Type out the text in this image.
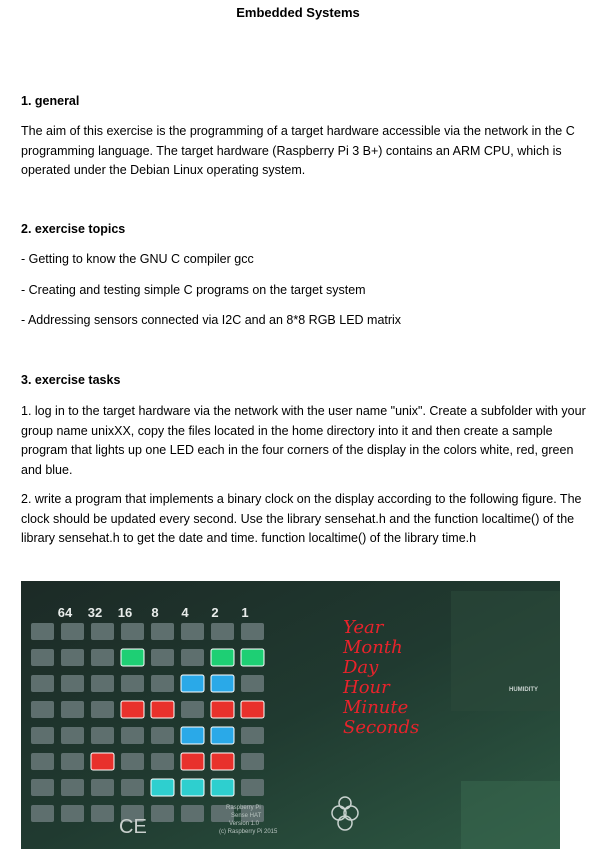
Embedded Systems
1. general
The aim of this exercise is the programming of a target hardware accessible via the network in the C programming language. The target hardware (Raspberry Pi 3 B+) contains an ARM CPU, which is operated under the Debian Linux operating system.
2. exercise topics
- Getting to know the GNU C compiler gcc
- Creating and testing simple C programs on the target system
- Addressing sensors connected via I2C and an 8*8 RGB LED matrix
3. exercise tasks
1. log in to the target hardware via the network with the user name "unix". Create a subfolder with your group name unixXX, copy the files located in the home directory into it and then create a sample program that lights up one LED each in the four corners of the display in the colors white, red, green and blue.
2. write a program that implements a binary clock on the display according to the following figure. The clock should be updated every second. Use the library sensehat.h and the function localtime() of the library sensehat.h to get the date and time. function localtime() of the library time.h
64 32 16 8 4 2 1
Year
Month
Day
Hour
Minute
Seconds
CE
Raspberry Pi
Sense HAT
Version 1.0
(c) Raspberry Pi 2015
HUMIDITY
